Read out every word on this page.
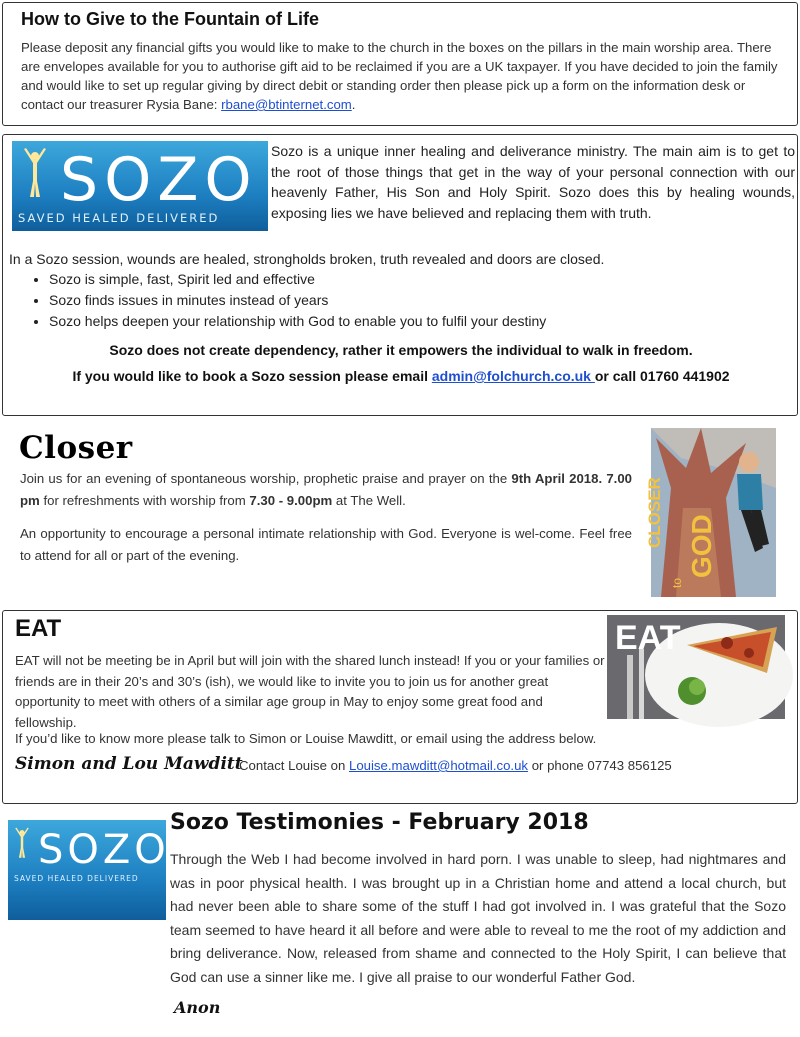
How to Give to the Fountain of Life

Please deposit any financial gifts you would like to make to the church in the boxes on the pillars in the main worship area. There are envelopes available for you to authorise gift aid to be reclaimed if you are a UK taxpayer. If you have decided to join the family and would like to set up regular giving by direct debit or standing order then please pick up a form on the information desk or contact our treasurer Rysia Bane: rbane@btinternet.com.

SOZO
SAVED HEALED DELIVERED

Sozo is a unique inner healing and deliverance ministry. The main aim is to get to the root of those things that get in the way of your personal connection with our heavenly Father, His Son and Holy Spirit. Sozo does this by healing wounds, exposing lies we have believed and replacing them with truth.

In a Sozo session, wounds are healed, strongholds broken, truth revealed and doors are closed.

• Sozo is simple, fast, Spirit led and effective
• Sozo finds issues in minutes instead of years
• Sozo helps deepen your relationship with God to enable you to fulfil your destiny

Sozo does not create dependency, rather it empowers the individual to walk in freedom.

If you would like to book a Sozo session please email admin@folchurch.co.uk or call 01760 441902

Closer

Join us for an evening of spontaneous worship, prophetic praise and prayer on the 9th April 2018. 7.00 pm for refreshments with worship from 7.30 - 9.00pm at The Well.

An opportunity to encourage a personal intimate relationship with God. Everyone is wel-come. Feel free to attend for all or part of the evening.

CLOSER GOD
to
EAT

EAT will not be meeting be in April but will join with the shared lunch instead! If you or your families or friends are in their 20’s and 30’s (ish), we would like to invite you to join us for another great opportunity to meet with others of a similar age group in May to enjoy some great food and fellowship.

If you’d like to know more please talk to Simon or Louise Mawditt, or email using the address below.

Simon and Lou Mawditt

Contact Louise on Louise.mawditt@hotmail.co.uk or phone 07743 856125

EAT
SOZO
SAVED HEALED DELIVERED
Sozo Testimonies - February 2018
Through the Web I had become involved in hard porn. I was unable to sleep, had nightmares and was in poor physical health. I was brought up in a Christian home and attend a local church, but had never been able to share some of the stuff I had got involved in. I was grateful that the Sozo team seemed to have heard it all before and were able to reveal to me the root of my addiction and bring deliverance. Now, released from shame and connected to the Holy Spirit, I can believe that God can use a sinner like me. I give all praise to our wonderful Father God.
Anon
